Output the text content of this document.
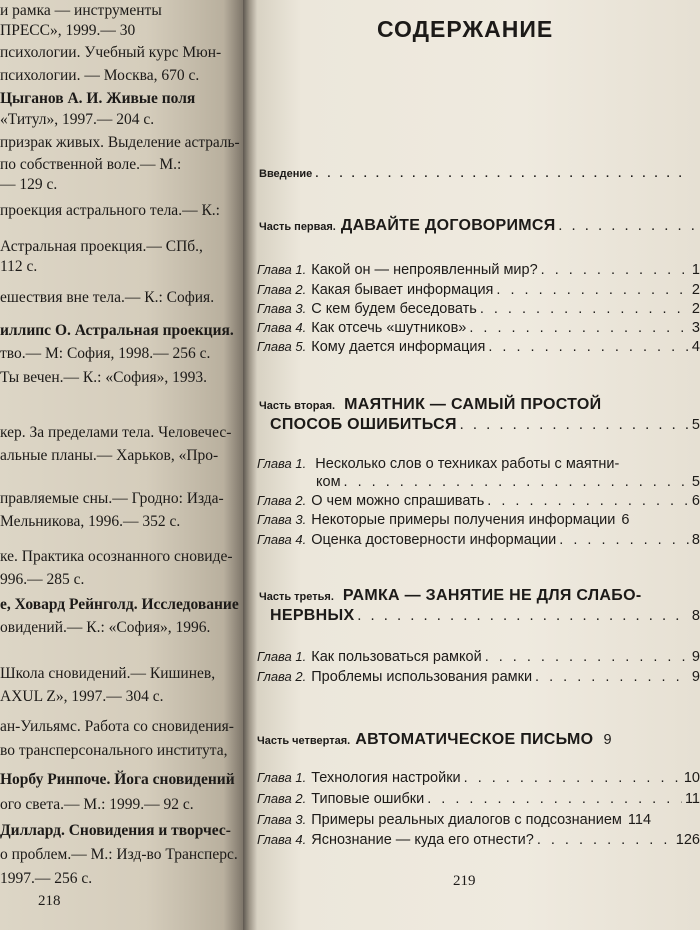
и рамка — инструменты
ПРЕСС», 1999.— 30
психологии. Учебный курс Мюн-
психологии. — Москва, 670 с.
Цыганов А. И. Живые поля
«Титул», 1997.— 204 с.
призрак живых. Выделение астраль-
по собственной воле.— М.:
— 129 с.
проекция астрального тела.— К.:
Астральная проекция.— СПб.,
112 с.
ешествия вне тела.— К.: София.
иллипс О. Астральная проекция.
тво.— М: София, 1998.— 256 с.
Ты вечен.— К.: «София», 1993.
кер. За пределами тела. Человечес-
альные планы.— Харьков, «Про-
правляемые сны.— Гродно: Изда-
Мельникова, 1996.— 352 с.
ке. Практика осознанного сновиде-
996.— 285 с.
е, Ховард Рейнголд. Исследование
овидений.— К.: «София», 1996.
Школа сновидений.— Кишинев,
AXUL Z», 1997.— 304 с.
ан-Уильямс. Работа со сновидения-
во трансперсонального института,
Норбу Ринпоче. Йога сновидений
ого света.— М.: 1999.— 92 с.
Диллард. Сновидения и творчес-
о проблем.— М.: Изд-во Трансперс.
1997.— 256 с.
218
СОДЕРЖАНИЕ
Введение
. . .
Часть первая. ДАВАЙТЕ ДОГОВОРИМСЯ
. . .
Глава 1. Какой он — непроявленный мир? . . .	1
Глава 2. Какая бывает информация . . .	2
Глава 3. С кем будем беседовать . . .	2
Глава 4. Как отсечь «шутников» . . .	3
Глава 5. Кому дается информация . . .	4
Часть вторая. МАЯТНИК — САМЫЙ ПРОСТОЙ
СПОСОБ ОШИБИТЬСЯ . . .	5
Глава 1. Несколько слов о техниках работы с маятни-
ком . . .	5
Глава 2. О чем можно спрашивать . . .	6
Глава 3. Некоторые примеры получения информации 6
Глава 4. Оценка достоверности информации . . .	8
Часть третья. РАМКА — ЗАНЯТИЕ НЕ ДЛЯ СЛАБО-
НЕРВНЫХ . . .	8
Глава 1. Как пользоваться рамкой . . .	9
Глава 2. Проблемы использования рамки . . .	9
Часть четвертая. АВТОМАТИЧЕСКОЕ ПИСЬМО 9
Глава 1. Технология настройки . . .	10
Глава 2. Типовые ошибки . . .	11
Глава 3. Примеры реальных диалогов с подсознанием 114
Глава 4. Яснознание — куда его отнести? . . .	126
219
